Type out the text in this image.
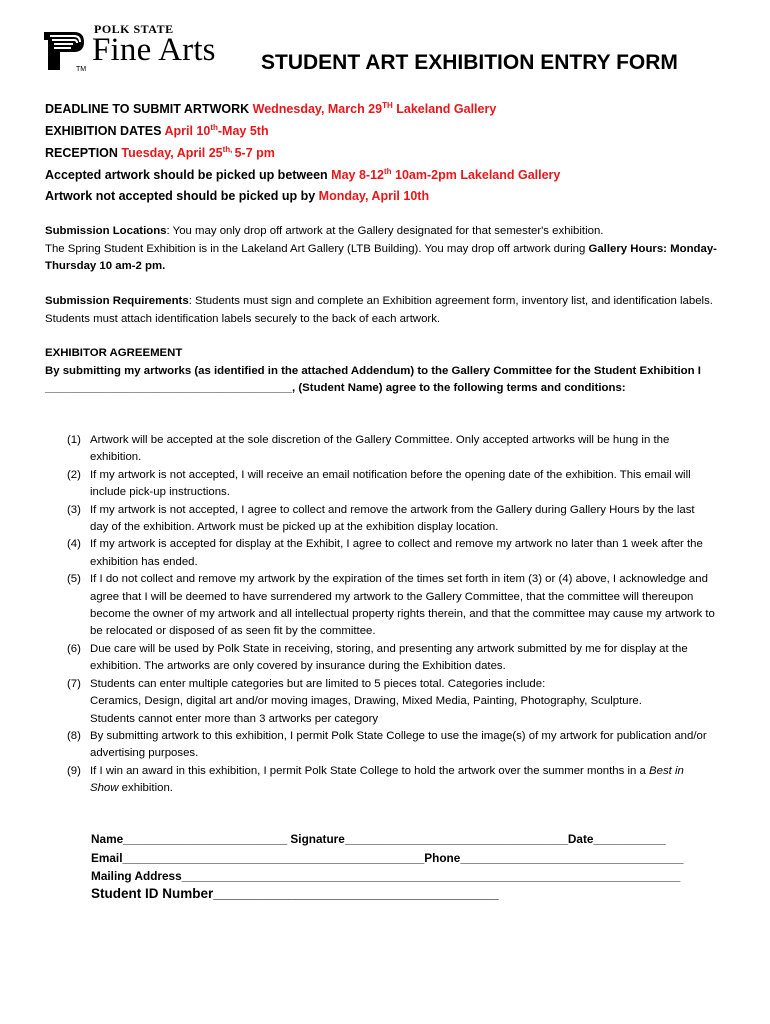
POLK STATE
Fine Arts
TM	STUDENT ART EXHIBITION ENTRY FORM
DEADLINE TO SUBMIT ARTWORK Wednesday, March 29TH Lakeland Gallery
EXHIBITION DATES April 10th-May 5th
RECEPTION Tuesday, April $25^{th,}$ 5-7 pm
Accepted artwork should be picked up between May 8-12th 10am-2pm Lakeland Gallery
Artwork not accepted should be picked up by Monday, April 10th
Submission Locations: You may only drop off artwork at the Gallery designated for that semester's exhibition.
The Spring Student Exhibition is in the Lakeland Art Gallery (LTB Building). You may drop off artwork during Gallery Hours: Monday-Thursday 10 am-2 pm.
Submission Requirements: Students must sign and complete an Exhibition agreement form, inventory list, and identification labels. Students must attach identification labels securely to the back of each artwork.
EXHIBITOR AGREEMENT
By submitting my artworks (as identified in the attached Addendum) to the Gallery Committee for the Student Exhibition I _______________________________________, (Student Name) agree to the following terms and conditions:
(1) Artwork will be accepted at the sole discretion of the Gallery Committee. Only accepted artworks will be hung in the exhibition.
(2) If my artwork is not accepted, I will receive an email notification before the opening date of the exhibition. This email will include pick-up instructions.
(3) If my artwork is not accepted, I agree to collect and remove the artwork from the Gallery during Gallery Hours by the last day of the exhibition. Artwork must be picked up at the exhibition display location.
(4) If my artwork is accepted for display at the Exhibit, I agree to collect and remove my artwork no later than 1 week after the exhibition has ended.
(5) If I do not collect and remove my artwork by the expiration of the times set forth in item (3) or (4) above, I acknowledge and agree that I will be deemed to have surrendered my artwork to the Gallery Committee, that the committee will thereupon become the owner of my artwork and all intellectual property rights therein, and that the committee may cause my artwork to be relocated or disposed of as seen fit by the committee.
(6) Due care will be used by Polk State in receiving, storing, and presenting any artwork submitted by me for display at the exhibition. The artworks are only covered by insurance during the Exhibition dates.
(7) Students can enter multiple categories but are limited to 5 pieces total. Categories include:
Ceramics, Design, digital art and/or moving images, Drawing, Mixed Media, Painting, Photography, Sculpture.
Students cannot enter more than 3 artworks per category
(8) By submitting artwork to this exhibition, I permit Polk State College to use the image(s) of my artwork for publication and/or advertising purposes.
(9) If I win an award in this exhibition, I permit Polk State College to hold the artwork over the summer months in a Best in Show exhibition.
Name_________________________ Signature__________________________________Date___________
Email______________________________________________Phone__________________________________
Mailing Address____________________________________________________________________________
Student ID Number______________________________________
